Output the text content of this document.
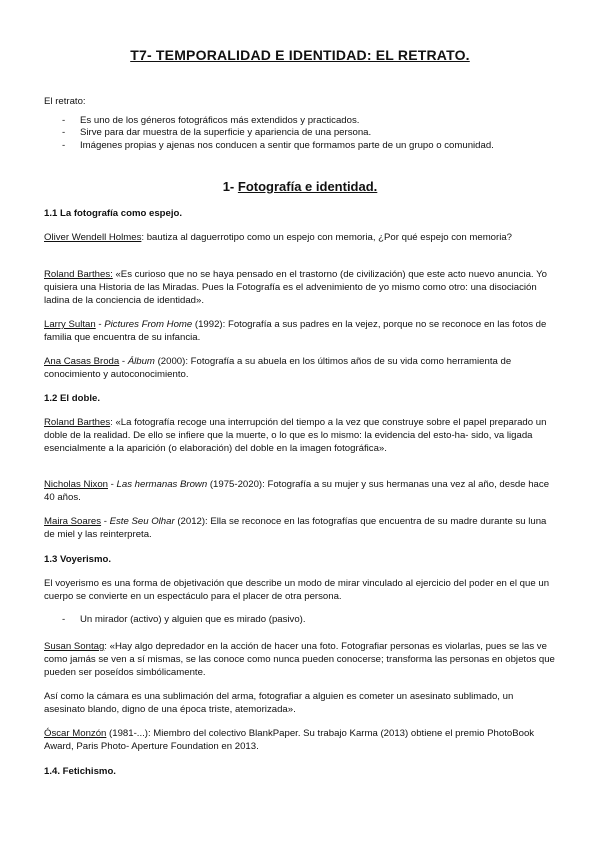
T7- TEMPORALIDAD E IDENTIDAD: EL RETRATO.

El retrato:

- Es uno de los géneros fotográficos más extendidos y practicados.
- Sirve para dar muestra de la superficie y apariencia de una persona.
- Imágenes propias y ajenas nos conducen a sentir que formamos parte de un grupo o comunidad.
1- Fotografía e identidad.
1.1 La fotografía como espejo.

Oliver Wendell Holmes: bautiza al daguerrotipo como un espejo con memoria, ¿Por qué espejo con memoria?

Roland Barthes: «Es curioso que no se haya pensado en el trastorno (de civilización) que este acto nuevo anuncia. Yo quisiera una Historia de las Miradas. Pues la Fotografía es el advenimiento de yo mismo como otro: una disociación ladina de la conciencia de identidad».

Larry Sultan - Pictures From Home (1992): Fotografía a sus padres en la vejez, porque no se reconoce en las fotos de familia que encuentra de su infancia.

Ana Casas Broda - Álbum (2000): Fotografía a su abuela en los últimos años de su vida como herramienta de conocimiento y autoconocimiento.

1.2 El doble.

Roland Barthes: «La fotografía recoge una interrupción del tiempo a la vez que construye sobre el papel preparado un doble de la realidad. De ello se infiere que la muerte, o lo que es lo mismo: la evidencia del esto-ha- sido, va ligada esencialmente a la aparición (o elaboración) del doble en la imagen fotográfica».

Nicholas Nixon - Las hermanas Brown (1975-2020): Fotografía a su mujer y sus hermanas una vez al año, desde hace 40 años.

Maira Soares - Este Seu Olhar (2012): Ella se reconoce en las fotografías que encuentra de su madre durante su luna de miel y las reinterpreta.

1.3 Voyerismo.

El voyerismo es una forma de objetivación que describe un modo de mirar vinculado al ejercicio del poder en el que un cuerpo se convierte en un espectáculo para el placer de otra persona.

- Un mirador (activo) y alguien que es mirado (pasivo).

Susan Sontag: «Hay algo depredador en la acción de hacer una foto. Fotografiar personas es violarlas, pues se las ve como jamás se ven a sí mismas, se las conoce como nunca pueden conocerse; transforma las personas en objetos que pueden ser poseídos simbólicamente.

Así como la cámara es una sublimación del arma, fotografiar a alguien es cometer un asesinato sublimado, un asesinato blando, digno de una época triste, atemorizada».

Óscar Monzón (1981-...): Miembro del colectivo BlankPaper. Su trabajo Karma (2013) obtiene el premio PhotoBook Award, Paris Photo- Aperture Foundation en 2013.

1.4. Fetichismo.
